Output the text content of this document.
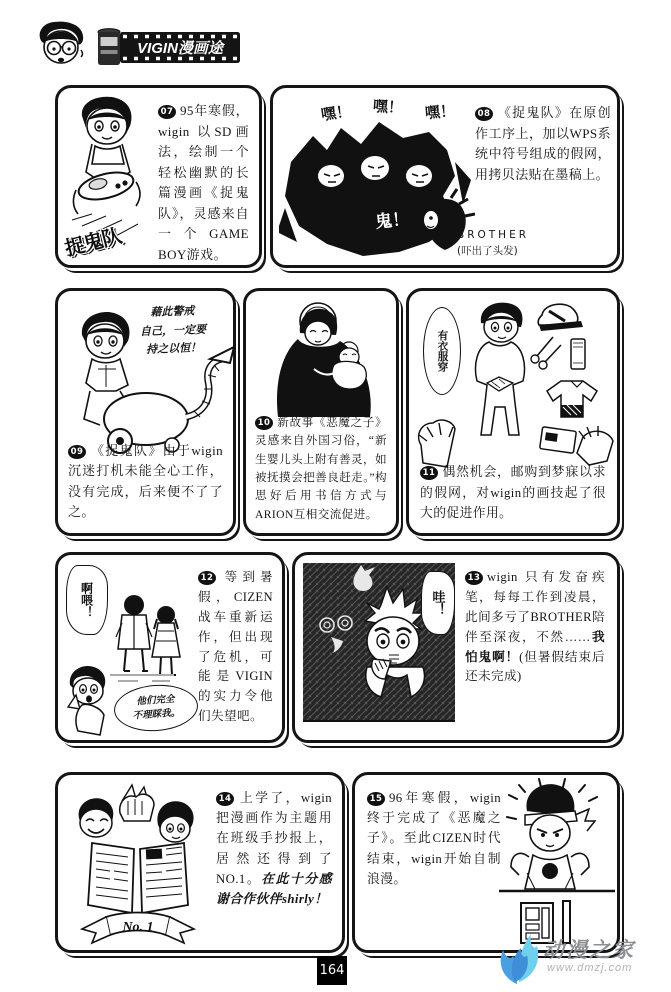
VIGIN漫画途
捉鬼队
07 95年寒假，wigin 以SD画法，绘制一个轻松幽默的长篇漫画《捉鬼队》，灵感来自一个GAME BOY游戏。
嘿！ 嘿！ 嘿！
鬼！
BROTHER
(吓出了头发)
08 《捉鬼队》在原创作工序上，加以WPS系统中符号组成的假网，用拷贝法贴在墨稿上。
藉此警戒
自己，一定要
持之以恒！
09 《捉鬼队》由于wigin沉迷打机未能全心工作，没有完成，后来便不了了之。
10 新故事《恶魔之子》灵感来自外国习俗，“新生婴儿头上附有善灵，如被抚摸会把善良赶走。”构思好后用书信方式与ARION互相交流促进。
有衣服穿
11 偶然机会，邮购到梦寐以求的假网，对wigin的画技起了很大的促进作用。
啊喂！
他们完全
不理睬我。
12 等到暑假，CIZEN战车重新运作，但出现了危机，可能是VIGIN的实力令他们失望吧。
哇！
13 wigin 只有发奋疾笔，每每工作到凌晨，此间多亏了BROTHER陪伴至深夜，不然……我怕鬼啊！(但暑假结束后还未完成)
No. 1
14 上学了，wigin把漫画作为主题用在班级手抄报上，居然还得到了NO.1。在此十分感谢合作伙伴shirly！
15 96年寒假，wigin 终于完成了《恶魔之子》。至此CIZEN时代结束，wigin开始自制浪漫。
164
动漫之家
www.dmzj.com
